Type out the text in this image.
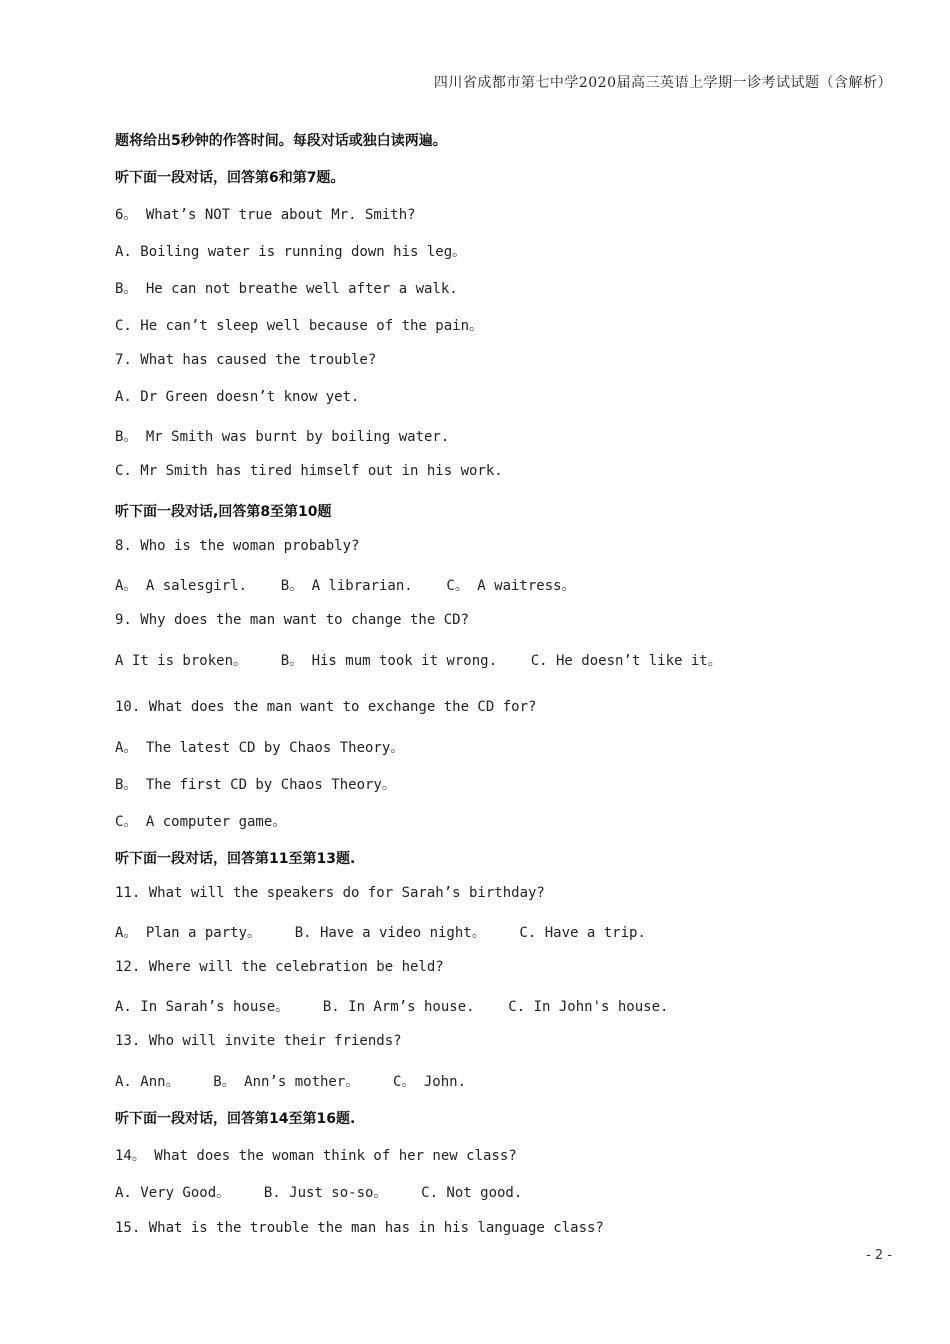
四川省成都市第七中学2020届高三英语上学期一诊考试试题（含解析）
题将给出5秒钟的作答时间。每段对话或独白读两遍。
听下面一段对话，回答第6和第7题。
6。 What’s NOT true about Mr. Smith?
A. Boiling water is running down his leg。
B。 He can not breathe well after a walk.
C. He can’t sleep well because of the pain。
7. What has caused the trouble?
A. Dr Green doesn’t know yet.
B。 Mr Smith was burnt by boiling water.
C. Mr Smith has tired himself out in his work.
听下面一段对话,回答第8至第10题
8. Who is the woman probably?
A。 A salesgirl.    B。 A librarian.    C。 A waitress。
9. Why does the man want to change the CD?
A It is broken。    B。 His mum took it wrong.    C. He doesn’t like it。
10. What does the man want to exchange the CD for?
A。 The latest CD by Chaos Theory。
B。 The first CD by Chaos Theory。
C。 A computer game。
听下面一段对话，回答第11至第13题.
11. What will the speakers do for Sarah’s birthday?
A。 Plan a party。    B. Have a video night。    C. Have a trip.
12. Where will the celebration be held?
A. In Sarah’s house。    B. In Arm’s house.    C. In John's house.
13. Who will invite their friends?
A. Ann。    B。 Ann’s mother。    C。 John.
听下面一段对话，回答第14至第16题.
14。 What does the woman think of her new class?
A. Very Good。    B. Just so-so。    C. Not good.
15. What is the trouble the man has in his language class?
- 2 -
